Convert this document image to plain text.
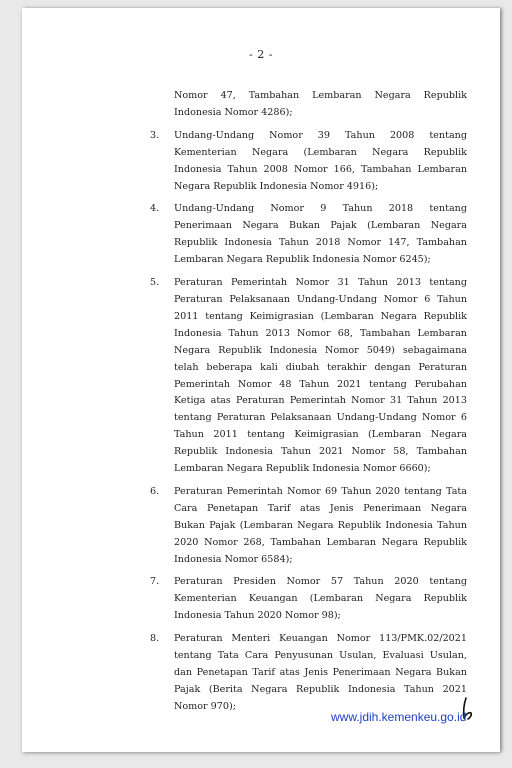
- 2 -
Nomor 47, Tambahan Lembaran Negara Republik
Indonesia Nomor 4286);
3. Undang-Undang Nomor 39 Tahun 2008 tentang
Kementerian Negara (Lembaran Negara Republik
Indonesia Tahun 2008 Nomor 166, Tambahan Lembaran
Negara Republik Indonesia Nomor 4916);
4. Undang-Undang Nomor 9 Tahun 2018 tentang
Penerimaan Negara Bukan Pajak (Lembaran Negara
Republik Indonesia Tahun 2018 Nomor 147, Tambahan
Lembaran Negara Republik Indonesia Nomor 6245);
5. Peraturan Pemerintah Nomor 31 Tahun 2013 tentang
Peraturan Pelaksanaan Undang-Undang Nomor 6 Tahun
2011 tentang Keimigrasian (Lembaran Negara Republik
Indonesia Tahun 2013 Nomor 68, Tambahan Lembaran
Negara Republik Indonesia Nomor 5049) sebagaimana
telah beberapa kali diubah terakhir dengan Peraturan
Pemerintah Nomor 48 Tahun 2021 tentang Perubahan
Ketiga atas Peraturan Pemerintah Nomor 31 Tahun 2013
tentang Peraturan Pelaksanaan Undang-Undang Nomor 6
Tahun 2011 tentang Keimigrasian (Lembaran Negara
Republik Indonesia Tahun 2021 Nomor 58, Tambahan
Lembaran Negara Republik Indonesia Nomor 6660);
6. Peraturan Pemerintah Nomor 69 Tahun 2020 tentang Tata
Cara Penetapan Tarif atas Jenis Penerimaan Negara
Bukan Pajak (Lembaran Negara Republik Indonesia Tahun
2020 Nomor 268, Tambahan Lembaran Negara Republik
Indonesia Nomor 6584);
7. Peraturan Presiden Nomor 57 Tahun 2020 tentang
Kementerian Keuangan (Lembaran Negara Republik
Indonesia Tahun 2020 Nomor 98);
8. Peraturan Menteri Keuangan Nomor 113/PMK.02/2021
tentang Tata Cara Penyusunan Usulan, Evaluasi Usulan,
dan Penetapan Tarif atas Jenis Penerimaan Negara Bukan
Pajak (Berita Negara Republik Indonesia Tahun 2021
Nomor 970);
www.jdih.kemenkeu.go.id
